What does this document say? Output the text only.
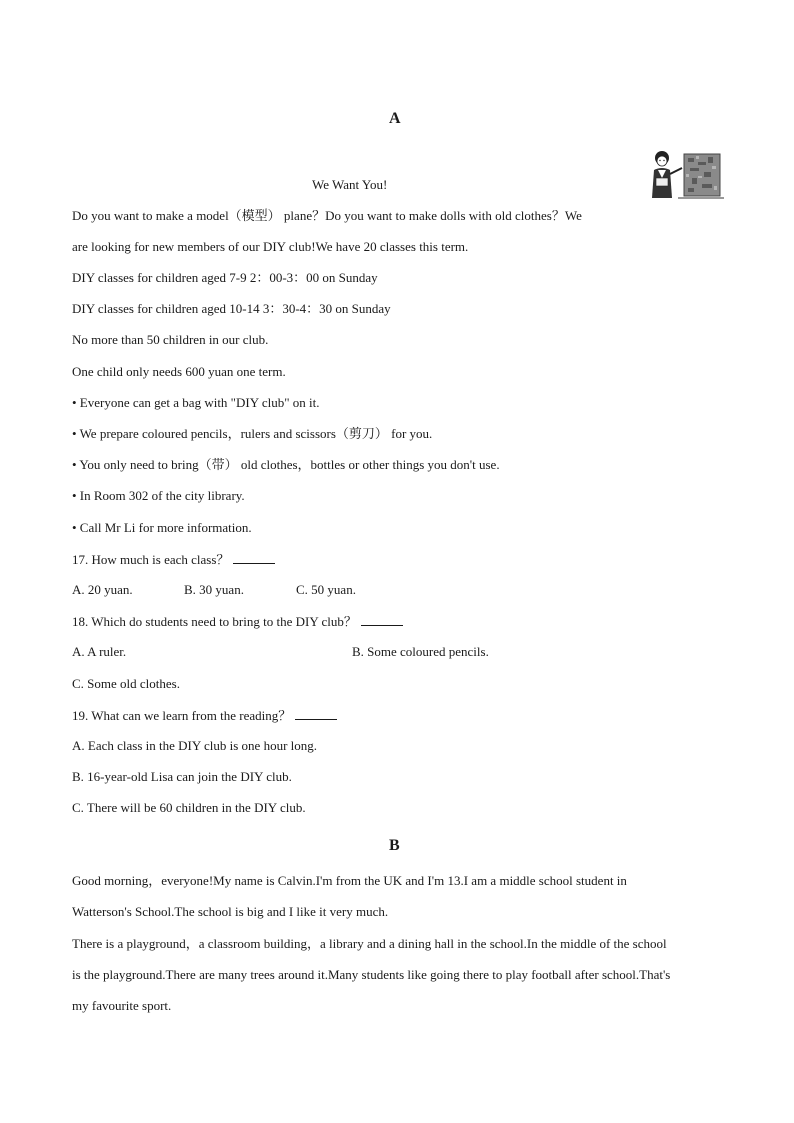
A
We Want You!
Do you want to make a model（模型） plane？Do you want to make dolls with old clothes？We
are looking for new members of our DIY club!We have 20 classes this term.
DIY classes for children aged 7-9 2：00-3：00 on Sunday
DIY classes for children aged 10-14 3：30-4：30 on Sunday
No more than 50 children in our club.
One child only needs 600 yuan one term.
• Everyone can get a bag with "DIY club" on it.
• We prepare coloured pencils，rulers and scissors（剪刀） for you.
• You only need to bring（带） old clothes，bottles or other things you don't use.
• In Room 302 of the city library.
• Call Mr Li for more information.
17. How much is each class？
A. 20 yuan.	B. 30 yuan.	C. 50 yuan.
18. Which do students need to bring to the DIY club？
A. A ruler.	B. Some coloured pencils.
C. Some old clothes.
19. What can we learn from the reading？
A. Each class in the DIY club is one hour long.
B. 16-year-old Lisa can join the DIY club.
C. There will be 60 children in the DIY club.
B
Good morning，everyone!My name is Calvin.I'm from the UK and I'm 13.I am a middle school student in
Watterson's School.The school is big and I like it very much.
There is a playground，a classroom building，a library and a dining hall in the school.In the middle of the school
is the playground.There are many trees around it.Many students like going there to play football after school.That's
my favourite sport.
